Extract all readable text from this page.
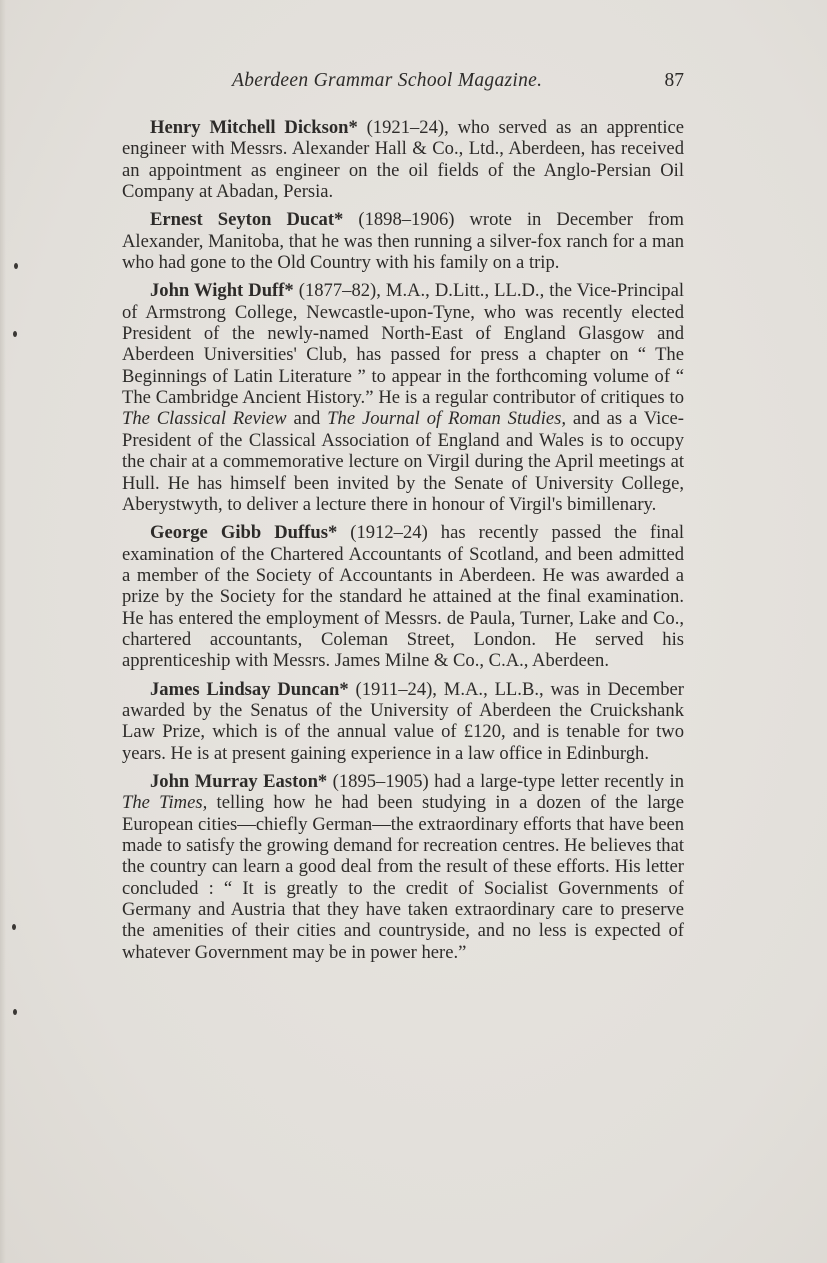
Aberdeen Grammar School Magazine.	87

Henry Mitchell Dickson* (1921–24), who served as an apprentice engineer with Messrs. Alexander Hall & Co., Ltd., Aberdeen, has received an appointment as engineer on the oil fields of the Anglo-Persian Oil Company at Abadan, Persia.

Ernest Seyton Ducat* (1898–1906) wrote in December from Alexander, Manitoba, that he was then running a silver-fox ranch for a man who had gone to the Old Country with his family on a trip.

John Wight Duff* (1877–82), M.A., D.Litt., LL.D., the Vice-Principal of Armstrong College, Newcastle-upon-Tyne, who was recently elected President of the newly-named North-East of England Glasgow and Aberdeen Universities' Club, has passed for press a chapter on “ The Beginnings of Latin Literature ” to appear in the forthcoming volume of “ The Cambridge Ancient History.” He is a regular contributor of critiques to The Classical Review and The Journal of Roman Studies, and as a Vice-President of the Classical Association of England and Wales is to occupy the chair at a commemorative lecture on Virgil during the April meetings at Hull. He has himself been invited by the Senate of University College, Aberystwyth, to deliver a lecture there in honour of Virgil's bimillenary.

George Gibb Duffus* (1912–24) has recently passed the final examination of the Chartered Accountants of Scotland, and been admitted a member of the Society of Accountants in Aberdeen. He was awarded a prize by the Society for the standard he attained at the final examination. He has entered the employment of Messrs. de Paula, Turner, Lake and Co., chartered accountants, Coleman Street, London. He served his apprenticeship with Messrs. James Milne & Co., C.A., Aberdeen.

James Lindsay Duncan* (1911–24), M.A., LL.B., was in December awarded by the Senatus of the University of Aberdeen the Cruickshank Law Prize, which is of the annual value of £120, and is tenable for two years. He is at present gaining experience in a law office in Edinburgh.

John Murray Easton* (1895–1905) had a large-type letter recently in The Times, telling how he had been studying in a dozen of the large European cities—chiefly German—the extraordinary efforts that have been made to satisfy the growing demand for recreation centres. He believes that the country can learn a good deal from the result of these efforts. His letter concluded : “ It is greatly to the credit of Socialist Governments of Germany and Austria that they have taken extraordinary care to preserve the amenities of their cities and countryside, and no less is expected of whatever Government may be in power here.”
